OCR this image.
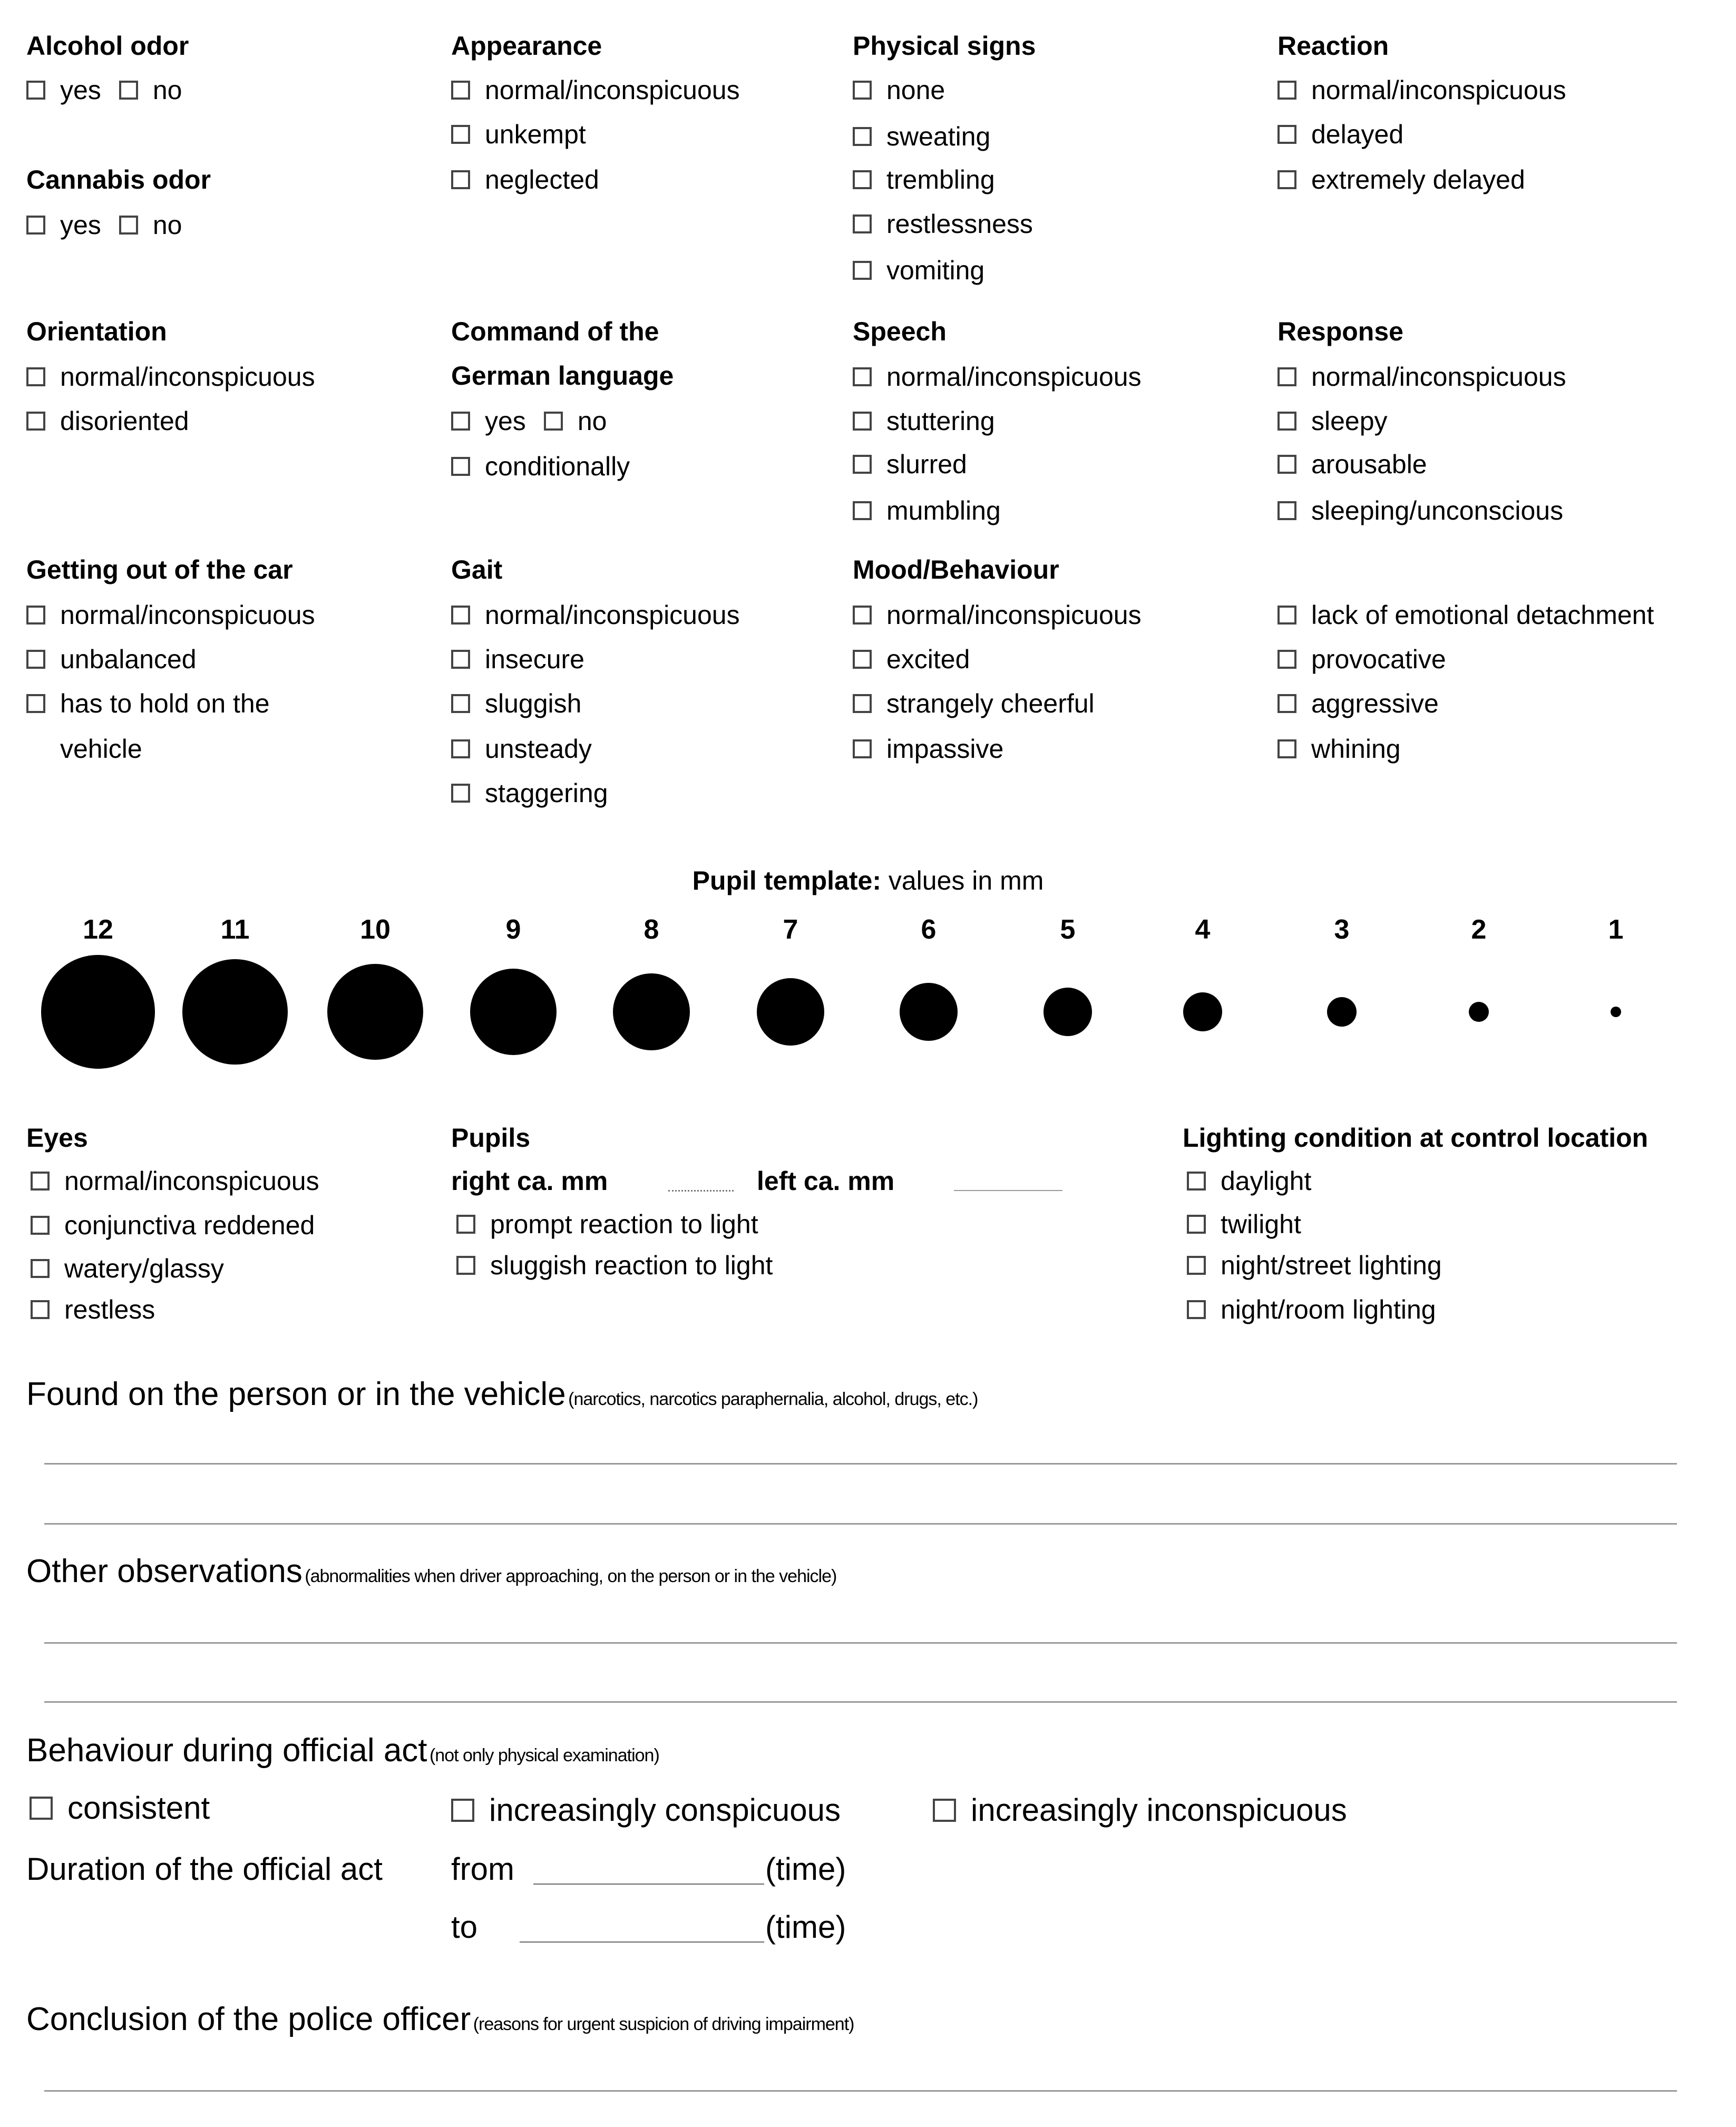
Alcohol odor
yes no
Cannabis odor
yes no
Appearance
normal/inconspicuous
unkempt
neglected
Physical signs
none
sweating
trembling
restlessness
vomiting
Reaction
normal/inconspicuous
delayed
extremely delayed
Orientation
normal/inconspicuous
disoriented
Command of the
German language
yes no
conditionally
Speech
normal/inconspicuous
stuttering
slurred
mumbling
Response
normal/inconspicuous
sleepy
arousable
sleeping/unconscious
Getting out of the car
normal/inconspicuous
unbalanced
has to hold on the
vehicle
Gait
normal/inconspicuous
insecure
sluggish
unsteady
staggering
Mood/Behaviour
normal/inconspicuous
excited
strangely cheerful
impassive
lack of emotional detachment
provocative
aggressive
whining
Pupil template: values in mm
12	11	10	9	8	7	6	5	4	3	2	1
Eyes
normal/inconspicuous
conjunctiva reddened
watery/glassy
restless
Pupils
right ca. mm	left ca. mm
prompt reaction to light
sluggish reaction to light
Lighting condition at control location
daylight
twilight
night/street lighting
night/room lighting
Found on the person or in the vehicle (narcotics, narcotics paraphernalia, alcohol, drugs, etc.)
Other observations (abnormalities when driver approaching, on the person or in the vehicle)
Behaviour during official act (not only physical examination)
consistent	increasingly conspicuous	increasingly inconspicuous
Duration of the official act from	(time)
to	(time)
Conclusion of the police officer (reasons for urgent suspicion of driving impairment)
